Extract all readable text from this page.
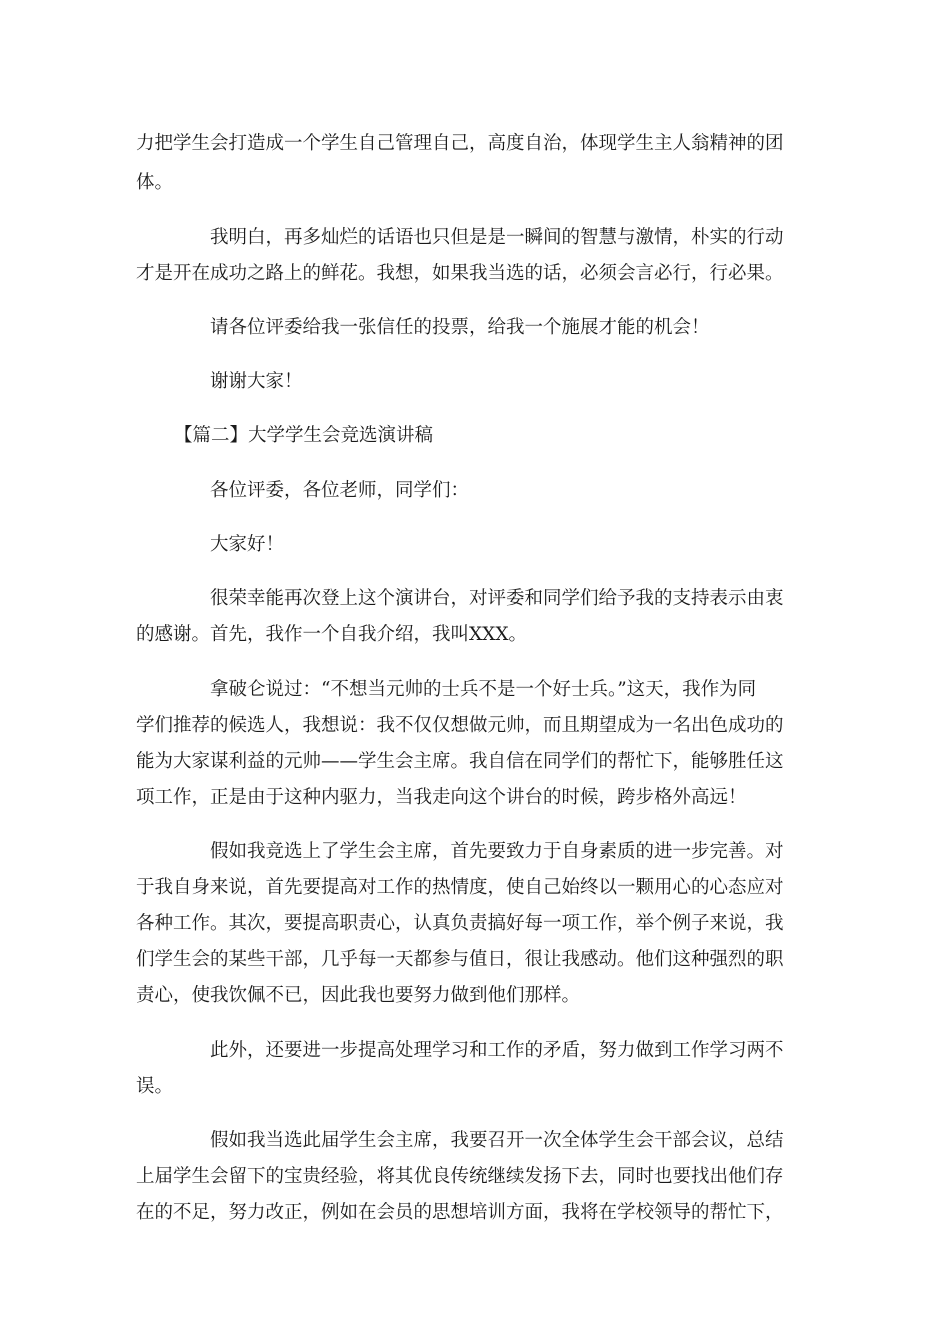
力把学生会打造成一个学生自己管理自己，高度自治，体现学生主人翁精神的团
体。
我明白，再多灿烂的话语也只但是是一瞬间的智慧与激情，朴实的行动
才是开在成功之路上的鲜花。我想，如果我当选的话，必须会言必行，行必果。
请各位评委给我一张信任的投票，给我一个施展才能的机会！
谢谢大家！
【篇二】大学学生会竞选演讲稿
各位评委，各位老师，同学们：
大家好！
很荣幸能再次登上这个演讲台，对评委和同学们给予我的支持表示由衷
的感谢。首先，我作一个自我介绍，我叫XXX。
拿破仑说过：“不想当元帅的士兵不是一个好士兵。”这天，我作为同
学们推荐的候选人，我想说：我不仅仅想做元帅，而且期望成为一名出色成功的
能为大家谋利益的元帅——学生会主席。我自信在同学们的帮忙下，能够胜任这
项工作，正是由于这种内驱力，当我走向这个讲台的时候，跨步格外高远！
假如我竞选上了学生会主席，首先要致力于自身素质的进一步完善。对
于我自身来说，首先要提高对工作的热情度，使自己始终以一颗用心的心态应对
各种工作。其次，要提高职责心，认真负责搞好每一项工作，举个例子来说，我
们学生会的某些干部，几乎每一天都参与值日，很让我感动。他们这种强烈的职
责心，使我饮佩不已，因此我也要努力做到他们那样。
此外，还要进一步提高处理学习和工作的矛盾，努力做到工作学习两不
误。
假如我当选此届学生会主席，我要召开一次全体学生会干部会议，总结
上届学生会留下的宝贵经验，将其优良传统继续发扬下去，同时也要找出他们存
在的不足，努力改正，例如在会员的思想培训方面，我将在学校领导的帮忙下，
